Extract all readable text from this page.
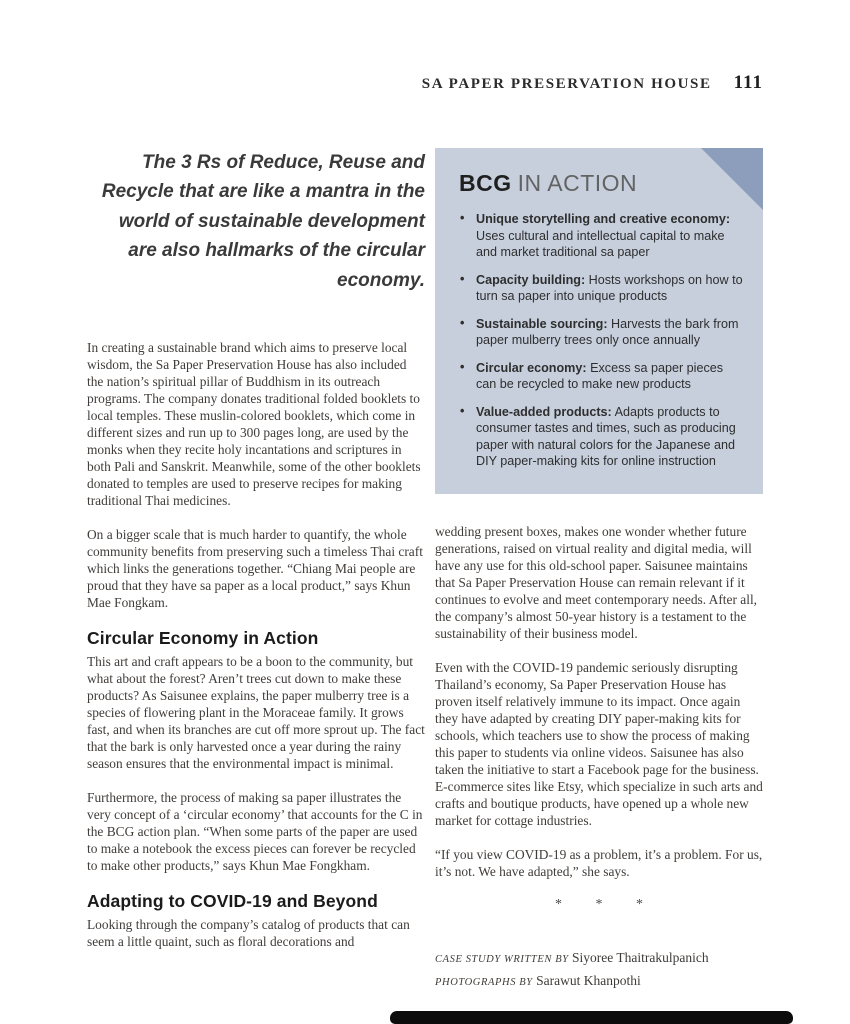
SA PAPER PRESERVATION HOUSE 111
The 3 Rs of Reduce, Reuse and Recycle that are like a mantra in the world of sustainable development are also hallmarks of the circular economy.

In creating a sustainable brand which aims to preserve local wisdom, the Sa Paper Preservation House has also included the nation’s spiritual pillar of Buddhism in its outreach programs. The company donates traditional folded booklets to local temples. These muslin-colored booklets, which come in different sizes and run up to 300 pages long, are used by the monks when they recite holy incantations and scriptures in both Pali and Sanskrit. Meanwhile, some of the other booklets donated to temples are used to preserve recipes for making traditional Thai medicines.

On a bigger scale that is much harder to quantify, the whole community benefits from preserving such a timeless Thai craft which links the generations together. “Chiang Mai people are proud that they have sa paper as a local product,” says Khun Mae Fongkam.

Circular Economy in Action

This art and craft appears to be a boon to the community, but what about the forest? Aren’t trees cut down to make these products? As Saisunee explains, the paper mulberry tree is a species of flowering plant in the Moraceae family. It grows fast, and when its branches are cut off more sprout up. The fact that the bark is only harvested once a year during the rainy season ensures that the environmental impact is minimal.

Furthermore, the process of making sa paper illustrates the very concept of a ‘circular economy’ that accounts for the C in the BCG action plan. “When some parts of the paper are used to make a notebook the excess pieces can forever be recycled to make other products,” says Khun Mae Fongkham.

Adapting to COVID-19 and Beyond

Looking through the company’s catalog of products that can seem a little quaint, such as floral decorations and

BCG IN ACTION
• Unique storytelling and creative economy: Uses cultural and intellectual capital to make and market traditional sa paper
• Capacity building: Hosts workshops on how to turn sa paper into unique products
• Sustainable sourcing: Harvests the bark from paper mulberry trees only once annually
• Circular economy: Excess sa paper pieces can be recycled to make new products
• Value-added products: Adapts products to consumer tastes and times, such as producing paper with natural colors for the Japanese and DIY paper-making kits for online instruction

wedding present boxes, makes one wonder whether future generations, raised on virtual reality and digital media, will have any use for this old-school paper. Saisunee maintains that Sa Paper Preservation House can remain relevant if it continues to evolve and meet contemporary needs. After all, the company’s almost 50-year history is a testament to the sustainability of their business model.

Even with the COVID-19 pandemic seriously disrupting Thailand’s economy, Sa Paper Preservation House has proven itself relatively immune to its impact. Once again they have adapted by creating DIY paper-making kits for schools, which teachers use to show the process of making this paper to students via online videos. Saisunee has also taken the initiative to start a Facebook page for the business. E-commerce sites like Etsy, which specialize in such arts and crafts and boutique products, have opened up a whole new market for cottage industries.

“If you view COVID-19 as a problem, it’s a problem. For us, it’s not. We have adapted,” she says.

* * *
CASE STUDY WRITTEN BY Siyoree Thaitrakulpanich
PHOTOGRAPHS BY Sarawut Khanpothi
